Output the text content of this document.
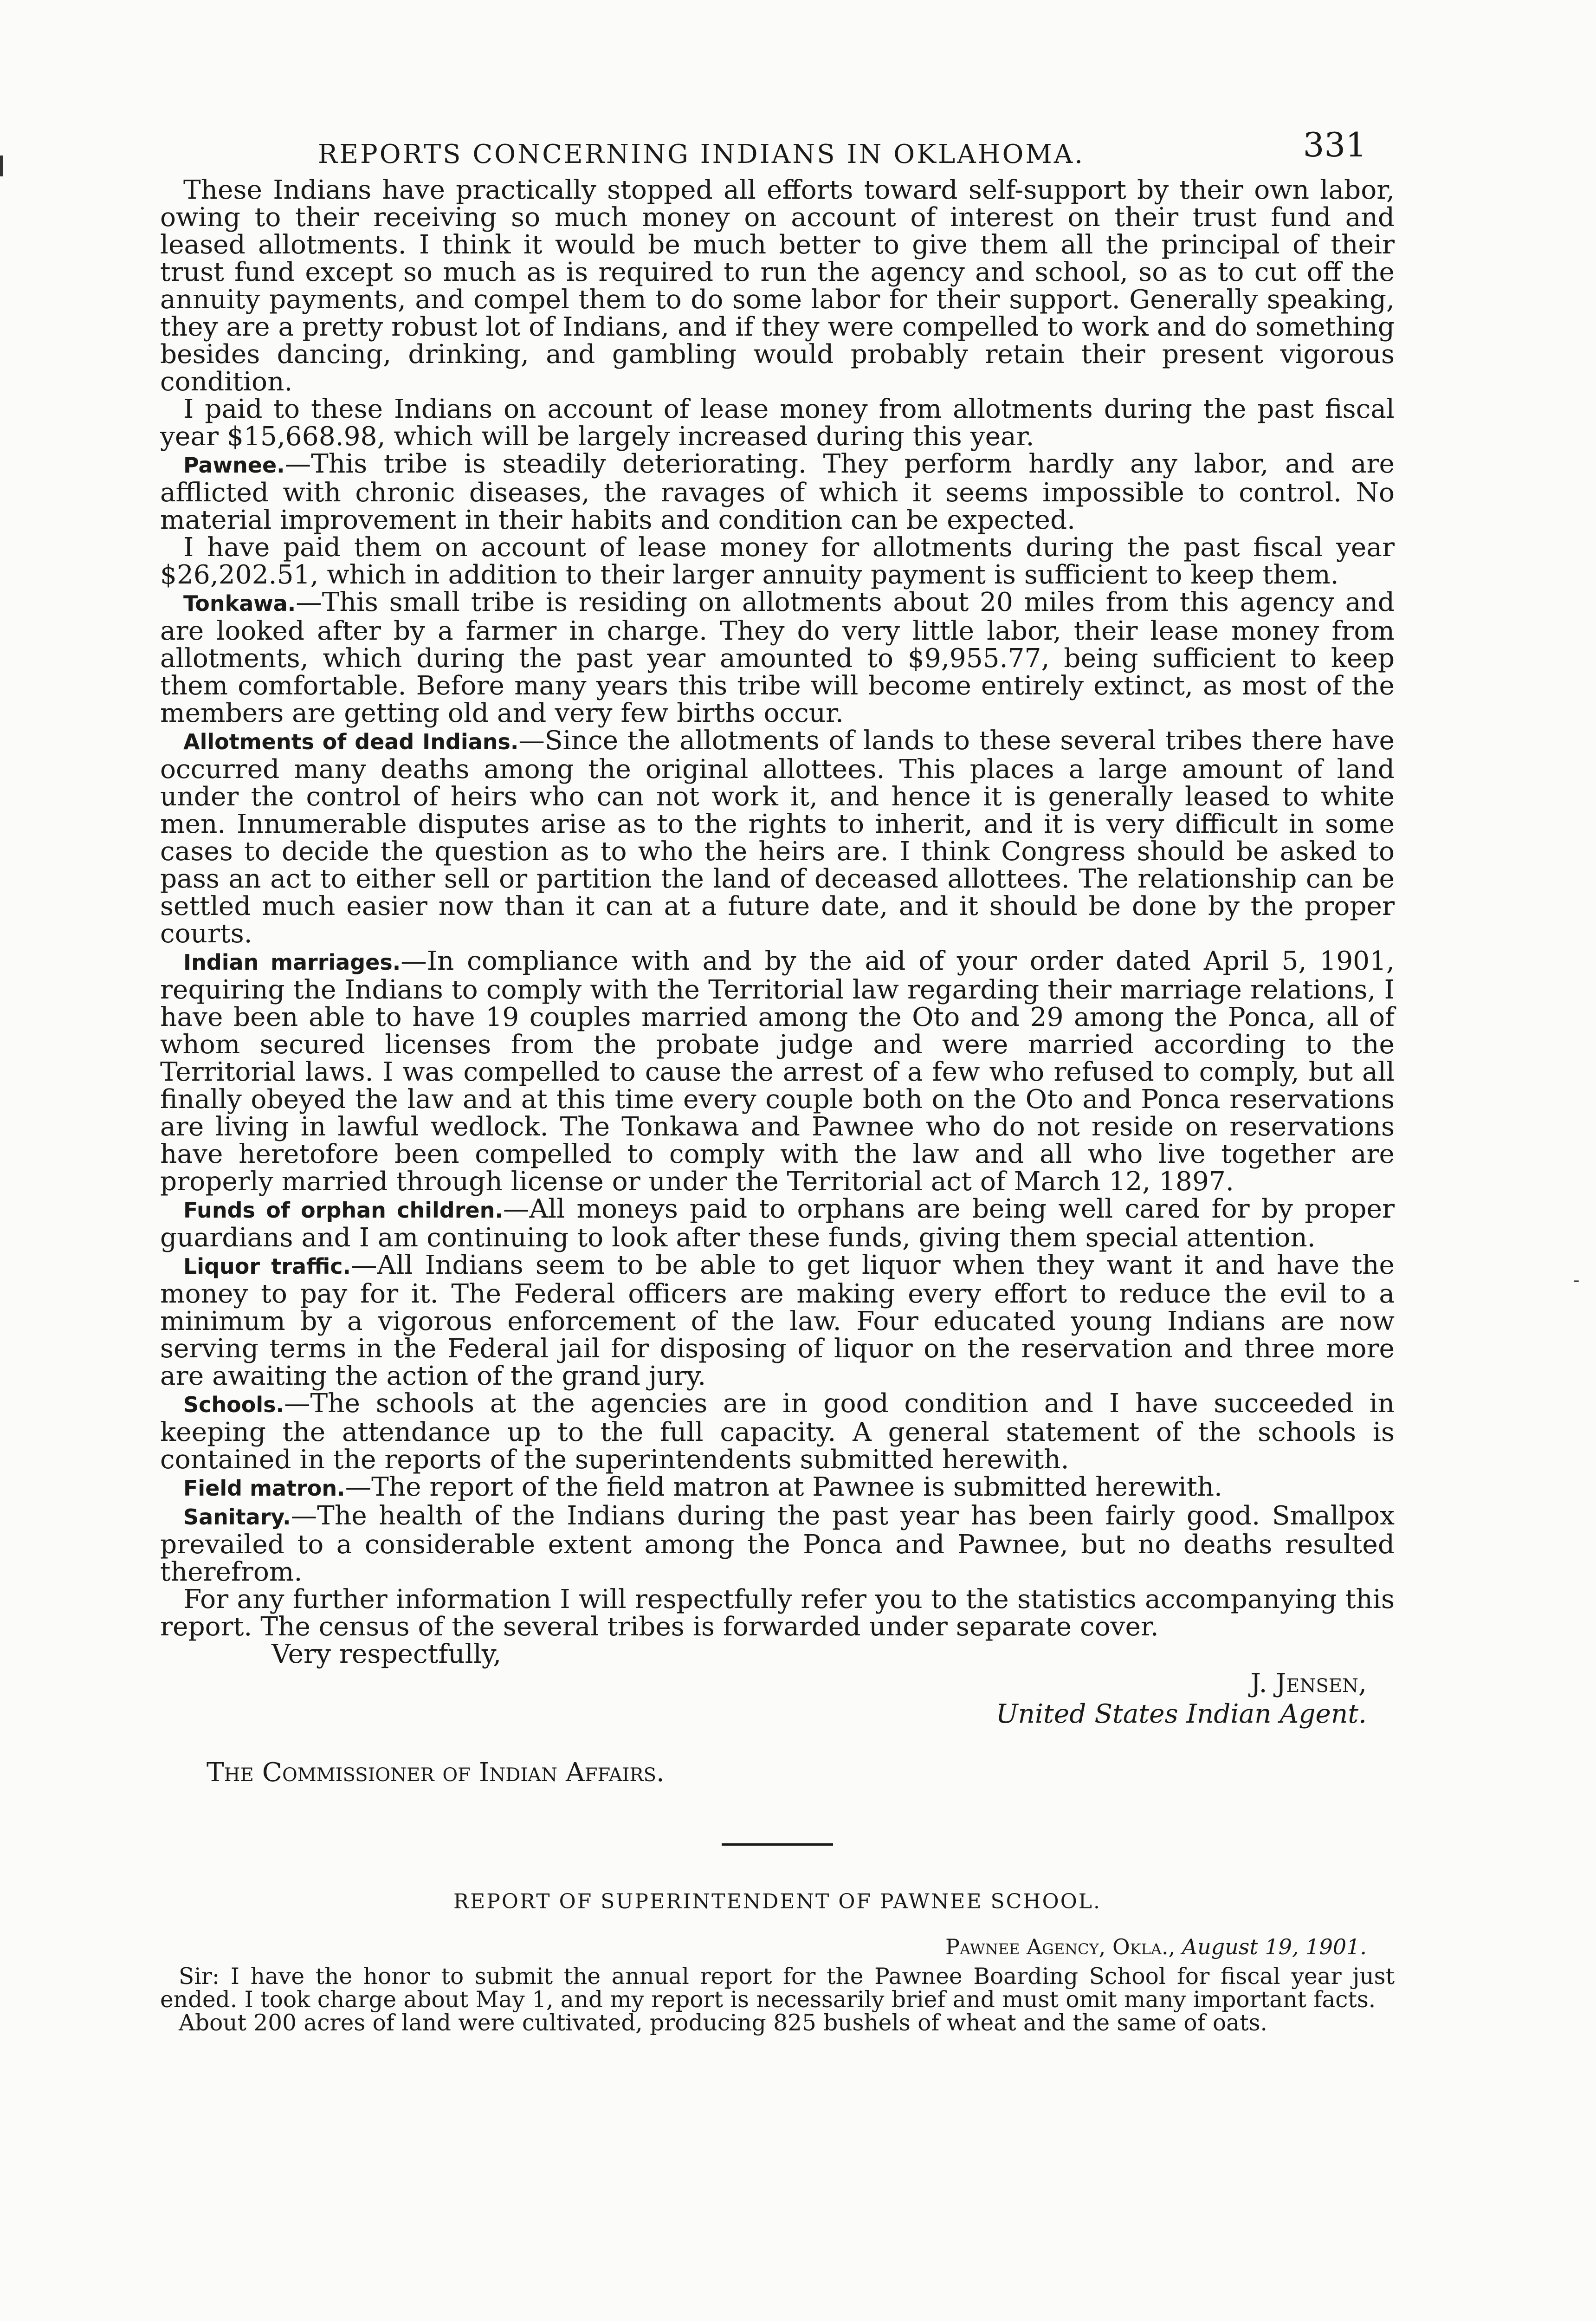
REPORTS CONCERNING INDIANS IN OKLAHOMA.	331

These Indians have practically stopped all efforts toward self-support by their own labor, owing to their receiving so much money on account of interest on their trust fund and leased allotments. I think it would be much better to give them all the principal of their trust fund except so much as is required to run the agency and school, so as to cut off the annuity payments, and compel them to do some labor for their support. Generally speaking, they are a pretty robust lot of Indians, and if they were compelled to work and do something besides dancing, drinking, and gambling would probably retain their present vigorous condition.

I paid to these Indians on account of lease money from allotments during the past fiscal year $15,668.98, which will be largely increased during this year.

Pawnee.—This tribe is steadily deteriorating. They perform hardly any labor, and are afflicted with chronic diseases, the ravages of which it seems impossible to control. No material improvement in their habits and condition can be expected.

I have paid them on account of lease money for allotments during the past fiscal year $26,202.51, which in addition to their larger annuity payment is sufficient to keep them.

Tonkawa.—This small tribe is residing on allotments about 20 miles from this agency and are looked after by a farmer in charge. They do very little labor, their lease money from allotments, which during the past year amounted to $9,955.77, being sufficient to keep them comfortable. Before many years this tribe will become entirely extinct, as most of the members are getting old and very few births occur.

Allotments of dead Indians.—Since the allotments of lands to these several tribes there have occurred many deaths among the original allottees. This places a large amount of land under the control of heirs who can not work it, and hence it is generally leased to white men. Innumerable disputes arise as to the rights to inherit, and it is very difficult in some cases to decide the question as to who the heirs are. I think Congress should be asked to pass an act to either sell or partition the land of deceased allottees. The relationship can be settled much easier now than it can at a future date, and it should be done by the proper courts.

Indian marriages.—In compliance with and by the aid of your order dated April 5, 1901, requiring the Indians to comply with the Territorial law regarding their marriage relations, I have been able to have 19 couples married among the Oto and 29 among the Ponca, all of whom secured licenses from the probate judge and were married according to the Territorial laws. I was compelled to cause the arrest of a few who refused to comply, but all finally obeyed the law and at this time every couple both on the Oto and Ponca reservations are living in lawful wedlock. The Tonkawa and Pawnee who do not reside on reservations have heretofore been compelled to comply with the law and all who live together are properly married through license or under the Territorial act of March 12, 1897.

Funds of orphan children.—All moneys paid to orphans are being well cared for by proper guardians and I am continuing to look after these funds, giving them special attention.

Liquor traffic.—All Indians seem to be able to get liquor when they want it and have the money to pay for it. The Federal officers are making every effort to reduce the evil to a minimum by a vigorous enforcement of the law. Four educated young Indians are now serving terms in the Federal jail for disposing of liquor on the reservation and three more are awaiting the action of the grand jury.

Schools.—The schools at the agencies are in good condition and I have succeeded in keeping the attendance up to the full capacity. A general statement of the schools is contained in the reports of the superintendents submitted herewith.

Field matron.—The report of the field matron at Pawnee is submitted herewith.

Sanitary.—The health of the Indians during the past year has been fairly good. Smallpox prevailed to a considerable extent among the Ponca and Pawnee, but no deaths resulted therefrom.

For any further information I will respectfully refer you to the statistics accompanying this report. The census of the several tribes is forwarded under separate cover.

Very respectfully,
J. Jensen,
United States Indian Agent.
The Commissioner of Indian Affairs.
REPORT OF SUPERINTENDENT OF PAWNEE SCHOOL.
Pawnee Agency, Okla., August 19, 1901.

Sir: I have the honor to submit the annual report for the Pawnee Boarding School for fiscal year just ended. I took charge about May 1, and my report is necessarily brief and must omit many important facts.

About 200 acres of land were cultivated, producing 825 bushels of wheat and the same of oats.

-
